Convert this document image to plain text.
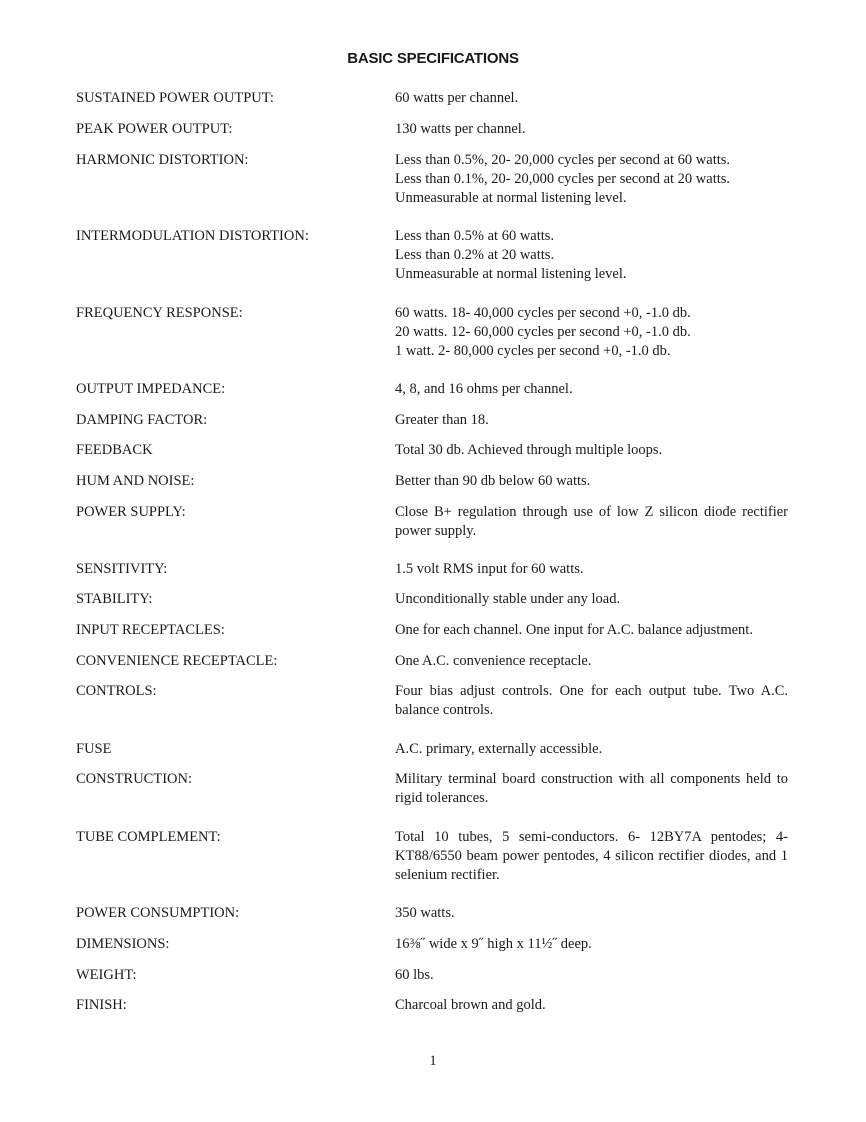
BASIC SPECIFICATIONS
SUSTAINED POWER OUTPUT:	60 watts per channel.
PEAK POWER OUTPUT:	130 watts per channel.
HARMONIC DISTORTION:	Less than 0.5%, 20- 20,000 cycles per second at 60 watts.
Less than 0.1%, 20- 20,000 cycles per second at 20 watts.
Unmeasurable at normal listening level.
INTERMODULATION DISTORTION:	Less than 0.5% at 60 watts.
Less than 0.2% at 20 watts.
Unmeasurable at normal listening level.
FREQUENCY RESPONSE:	60 watts. 18- 40,000 cycles per second +0, -1.0 db.
20 watts. 12- 60,000 cycles per second +0, -1.0 db.
1 watt. 2- 80,000 cycles per second +0, -1.0 db.
OUTPUT IMPEDANCE:	4, 8, and 16 ohms per channel.
DAMPING FACTOR:	Greater than 18.
FEEDBACK	Total 30 db. Achieved through multiple loops.
HUM AND NOISE:	Better than 90 db below 60 watts.
POWER SUPPLY:	Close B+ regulation through use of low Z silicon diode rectifier power supply.
SENSITIVITY:	1.5 volt RMS input for 60 watts.
STABILITY:	Unconditionally stable under any load.
INPUT RECEPTACLES:	One for each channel. One input for A.C. balance adjustment.
CONVENIENCE RECEPTACLE:	One A.C. convenience receptacle.
CONTROLS:	Four bias adjust controls. One for each output tube. Two A.C. balance controls.
FUSE	A.C. primary, externally accessible.
CONSTRUCTION:	Military terminal board construction with all components held to rigid tolerances.
TUBE COMPLEMENT:	Total 10 tubes, 5 semi-conductors. 6- 12BY7A pentodes; 4- KT88/6550 beam power pentodes, 4 silicon rectifier diodes, and 1 selenium rectifier.
POWER CONSUMPTION:	350 watts.
DIMENSIONS:	16⅜˝ wide x 9˝ high x 11½˝ deep.
WEIGHT:	60 lbs.
FINISH:	Charcoal brown and gold.
1
